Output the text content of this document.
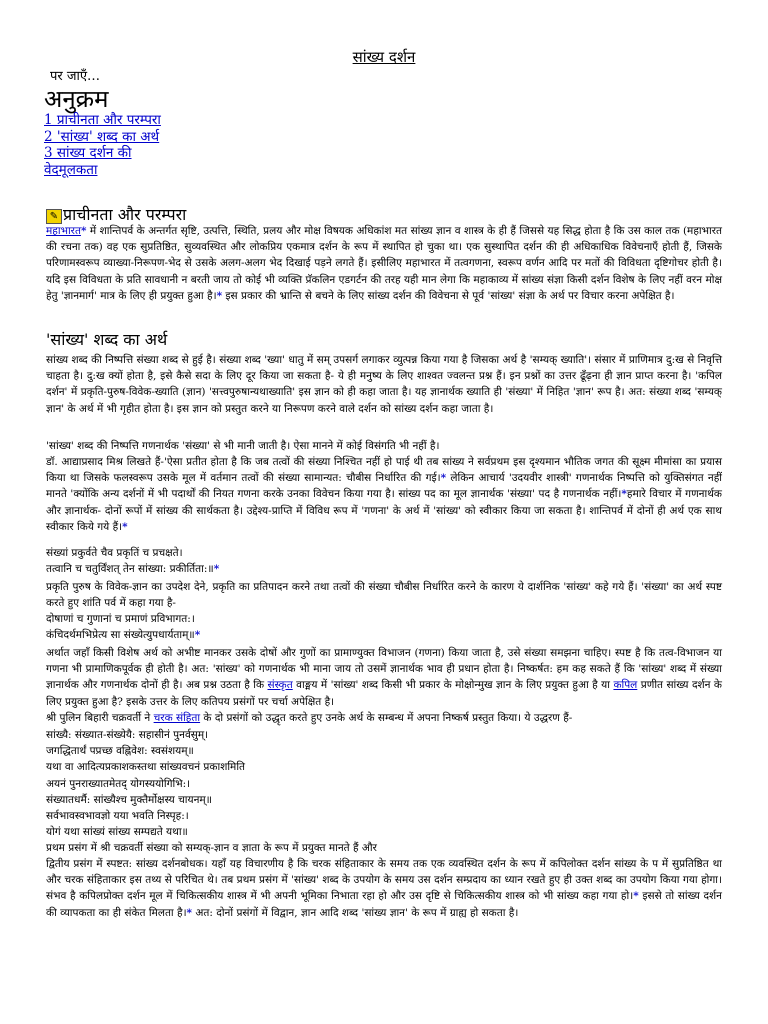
सांख्य दर्शन
पर जाएँ…
अनुक्रम
1 प्राचीनता और परम्परा
2 'सांख्य' शब्द का अर्थ
3 सांख्य दर्शन की
वेदमूलकता
✎ प्राचीनता और परम्परा
महाभारत* में शान्तिपर्व के अन्तर्गत सृष्टि, उत्पत्ति, स्थिति, प्रलय और मोक्ष विषयक अधिकांश मत सांख्य ज्ञान व शास्त्र के ही हैं जिससे यह सिद्ध होता है कि उस काल तक (महाभारत की रचना तक) वह एक सुप्रतिष्ठित, सुव्यवस्थित और लोकप्रिय एकमात्र दर्शन के रूप में स्थापित हो चुका था। एक सुस्थापित दर्शन की ही अधिकाधिक विवेचनाएँ होती हैं, जिसके परिणामस्वरूप व्याख्या-निरूपण-भेद से उसके अलग-अलग भेद दिखाई पड़ने लगते हैं। इसीलिए महाभारत में तत्वगणना, स्वरूप वर्णन आदि पर मतों की विविधता दृष्टिगोचर होती है। यदि इस विविधता के प्रति सावधानी न बरती जाय तो कोई भी व्यक्ति प्रॅकलिन एडगर्टन की तरह यही मान लेगा कि महाकाव्य में सांख्य संज्ञा किसी दर्शन विशेष के लिए नहीं वरन मोक्ष हेतु 'ज्ञानमार्ग' मात्र के लिए ही प्रयुक्त हुआ है।* इस प्रकार की भ्रान्ति से बचने के लिए सांख्य दर्शन की विवेचना से पूर्व 'सांख्य' संज्ञा के अर्थ पर विचार करना अपेक्षित है।
'सांख्य' शब्द का अर्थ
सांख्य शब्द की निष्पत्ति संख्या शब्द से हुई है। संख्या शब्द 'ख्या' धातु में सम् उपसर्ग लगाकर व्युत्पन्न किया गया है जिसका अर्थ है 'सम्यक् ख्याति'। संसार में प्राणिमात्र दु:ख से निवृत्ति चाहता है। दु:ख क्यों होता है, इसे कैसे सदा के लिए दूर किया जा सकता है- ये ही मनुष्य के लिए शाश्वत ज्वलन्त प्रश्न हैं। इन प्रश्नों का उत्तर ढूँढ़ना ही ज्ञान प्राप्त करना है। 'कपिल दर्शन' में प्रकृति-पुरुष-विवेक-ख्याति (ज्ञान) 'सत्त्वपुरुषान्यथाख्याति' इस ज्ञान को ही कहा जाता है। यह ज्ञानार्थक ख्याति ही 'संख्या' में निहित 'ज्ञान' रूप है। अत: संख्या शब्द 'सम्यक् ज्ञान' के अर्थ में भी गृहीत होता है। इस ज्ञान को प्रस्तुत करने या निरूपण करने वाले दर्शन को सांख्य दर्शन कहा जाता है।
'सांख्य' शब्द की निष्पत्ति गणनार्थक 'संख्या' से भी मानी जाती है। ऐसा मानने में कोई विसंगति भी नहीं है।
डॉ. आद्याप्रसाद मिश्र लिखते हैं-'ऐसा प्रतीत होता है कि जब तत्वों की संख्या निश्चित नहीं हो पाई थी तब सांख्य ने सर्वप्रथम इस दृश्यमान भौतिक जगत की सूक्ष्म मीमांसा का प्रयास किया था जिसके फलस्वरूप उसके मूल में वर्तमान तत्वों की संख्या सामान्यत: चौबीस निर्धारित की गई।* लेकिन आचार्य 'उदयवीर शास्त्री' गणनार्थक निष्पत्ति को युक्तिसंगत नहीं मानते 'क्योंकि अन्य दर्शनों में भी पदार्थों की नियत गणना करके उनका विवेचन किया गया है। सांख्य पद का मूल ज्ञानार्थक 'संख्या' पद है गणनार्थक नहीं।*हमारे विचार में गणनार्थक और ज्ञानार्थक- दोनों रूपों में सांख्य की सार्थकता है। उद्देश्य-प्राप्ति में विविध रूप में 'गणना' के अर्थ में 'सांख्य' को स्वीकार किया जा सकता है। शान्तिपर्व में दोनों ही अर्थ एक साथ स्वीकार किये गये हैं।*
संख्यां प्रकुर्वते चैव प्रकृतिं च प्रचक्षते।
तत्वानि च चतुर्विंशत् तेन सांख्या: प्रकीर्तिता:॥*
प्रकृति पुरुष के विवेक-ज्ञान का उपदेश देने, प्रकृति का प्रतिपादन करने तथा तत्वों की संख्या चौबीस निर्धारित करने के कारण ये दार्शनिक 'सांख्य' कहे गये हैं। 'संख्या' का अर्थ स्पष्ट करते हुए शांति पर्व में कहा गया है-
दोषाणां च गुणानां च प्रमाणं प्रविभागत:।
कंचिदर्थमभिप्रेत्य सा संख्येत्युपधार्यताम्॥*
अर्थात जहाँ किसी विशेष अर्थ को अभीष्ट मानकर उसके दोषों और गुणों का प्रामाण्युक्त विभाजन (गणना) किया जाता है, उसे संख्या समझना चाहिए। स्पष्ट है कि तत्व-विभाजन या गणना भी प्रामाणिकपूर्वक ही होती है। अत: 'सांख्य' को गणनार्थक भी माना जाय तो उसमें ज्ञानार्थक भाव ही प्रधान होता है। निष्कर्षत: हम कह सकते हैं कि 'सांख्य' शब्द में संख्या ज्ञानार्थक और गणनार्थक दोनों ही है। अब प्रश्न उठता है कि संस्कृत वाङ्मय में 'सांख्य' शब्द किसी भी प्रकार के मोक्षोन्मुख ज्ञान के लिए प्रयुक्त हुआ है या कपिल प्रणीत सांख्य दर्शन के लिए प्रयुक्त हुआ है? इसके उत्तर के लिए कतिपय प्रसंगों पर चर्चा अपेक्षित है।
श्री पुलिन बिहारी चक्रवर्ती ने चरक संहिता के दो प्रसंगों को उद्धृत करते हुए उनके अर्थ के सम्बन्ध में अपना निष्कर्ष प्रस्तुत किया। ये उद्धरण हैं-
सांख्यै: संख्यात-संख्येयै: सहासीनं पुनर्वसुम्।
जगद्धितार्थं पप्रच्छ वह्निवेश: स्वसंशयम्॥
यथा वा आदित्यप्रकाशकस्तथा सांख्यवचनं प्रकाशमिति
अयनं पुनराख्यातमेतद् योगस्ययोगिभि:।
संख्यातधर्मै: सांख्यैश्च मुक्तैर्मोक्षस्य चायनम्॥
सर्वभावस्वभावज्ञो यया भवति निस्पृह:।
योगं यथा सांख्यं सांख्य सम्पद्यते यथा॥
प्रथम प्रसंग में श्री चक्रवर्ती संख्या को सम्यक्-ज्ञान व ज्ञाता के रूप में प्रयुक्त मानते हैं और
द्वितीय प्रसंग में स्पष्टत: सांख्य दर्शनबोधक। यहाँ यह विचारणीय है कि चरक संहिताकार के समय तक एक व्यवस्थित दर्शन के रूप में कपिलोक्त दर्शन सांख्य के प में सुप्रतिष्ठित था और चरक संहिताकार इस तथ्य से परिचित थे। तब प्रथम प्रसंग में 'सांख्य' शब्द के उपयोग के समय उस दर्शन सम्प्रदाय का ध्यान रखते हुए ही उक्त शब्द का उपयोग किया गया होगा। संभव है कपिलप्रोक्त दर्शन मूल में चिकित्सकीय शास्त्र में भी अपनी भूमिका निभाता रहा हो और उस दृष्टि से चिकित्सकीय शास्त्र को भी सांख्य कहा गया हो।* इससे तो सांख्य दर्शन की व्यापकता का ही संकेत मिलता है।* अत: दोनों प्रसंगों में विद्वान, ज्ञान आदि शब्द 'सांख्य ज्ञान' के रूप में ग्राह्य हो सकता है।
